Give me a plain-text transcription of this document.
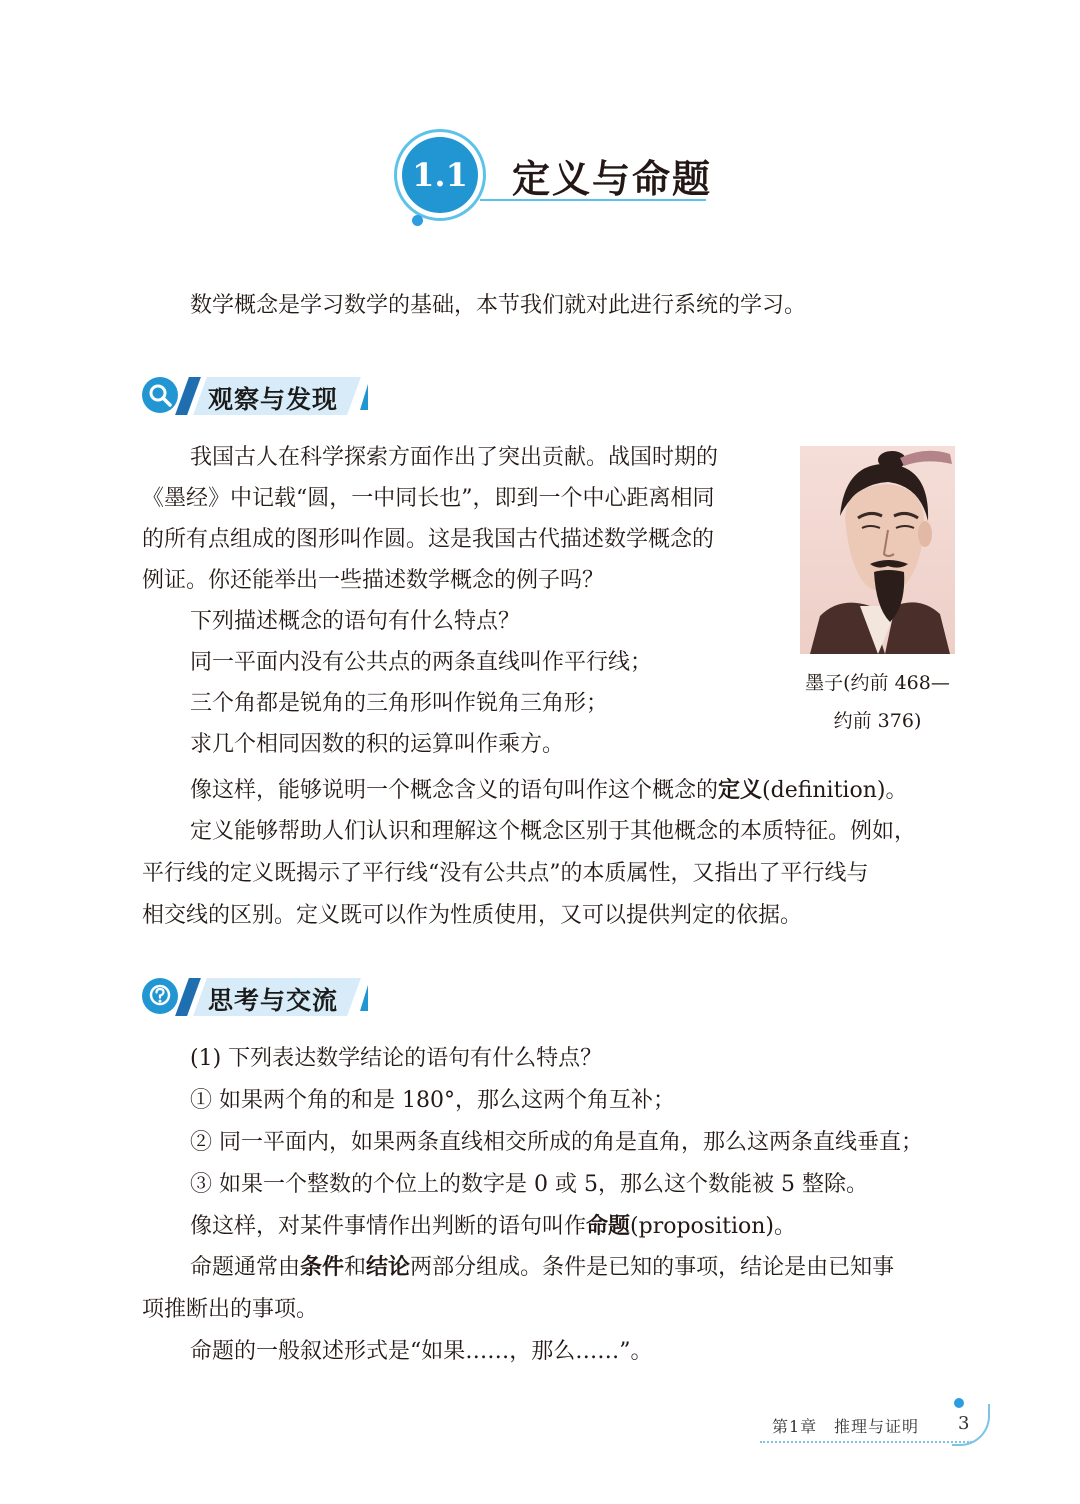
1.1 定义与命题
数学概念是学习数学的基础，本节我们就对此进行系统的学习。
观察与发现
我国古人在科学探索方面作出了突出贡献。战国时期的
《墨经》中记载“圆，一中同长也”，即到一个中心距离相同
的所有点组成的图形叫作圆。这是我国古代描述数学概念的
例证。你还能举出一些描述数学概念的例子吗？
下列描述概念的语句有什么特点？
同一平面内没有公共点的两条直线叫作平行线；
三个角都是锐角的三角形叫作锐角三角形；
求几个相同因数的积的运算叫作乘方。
墨子(约前 468—
约前 376)
像这样，能够说明一个概念含义的语句叫作这个概念的定义(definition)。
定义能够帮助人们认识和理解这个概念区别于其他概念的本质特征。例如，
平行线的定义既揭示了平行线“没有公共点”的本质属性，又指出了平行线与
相交线的区别。定义既可以作为性质使用，又可以提供判定的依据。
思考与交流
(1) 下列表达数学结论的语句有什么特点？
① 如果两个角的和是 180°，那么这两个角互补；
② 同一平面内，如果两条直线相交所成的角是直角，那么这两条直线垂直；
③ 如果一个整数的个位上的数字是 0 或 5，那么这个数能被 5 整除。
像这样，对某件事情作出判断的语句叫作命题(proposition)。
命题通常由条件和结论两部分组成。条件是已知的事项，结论是由已知事
项推断出的事项。
命题的一般叙述形式是“如果……，那么……”。
第1章 推理与证明 3
